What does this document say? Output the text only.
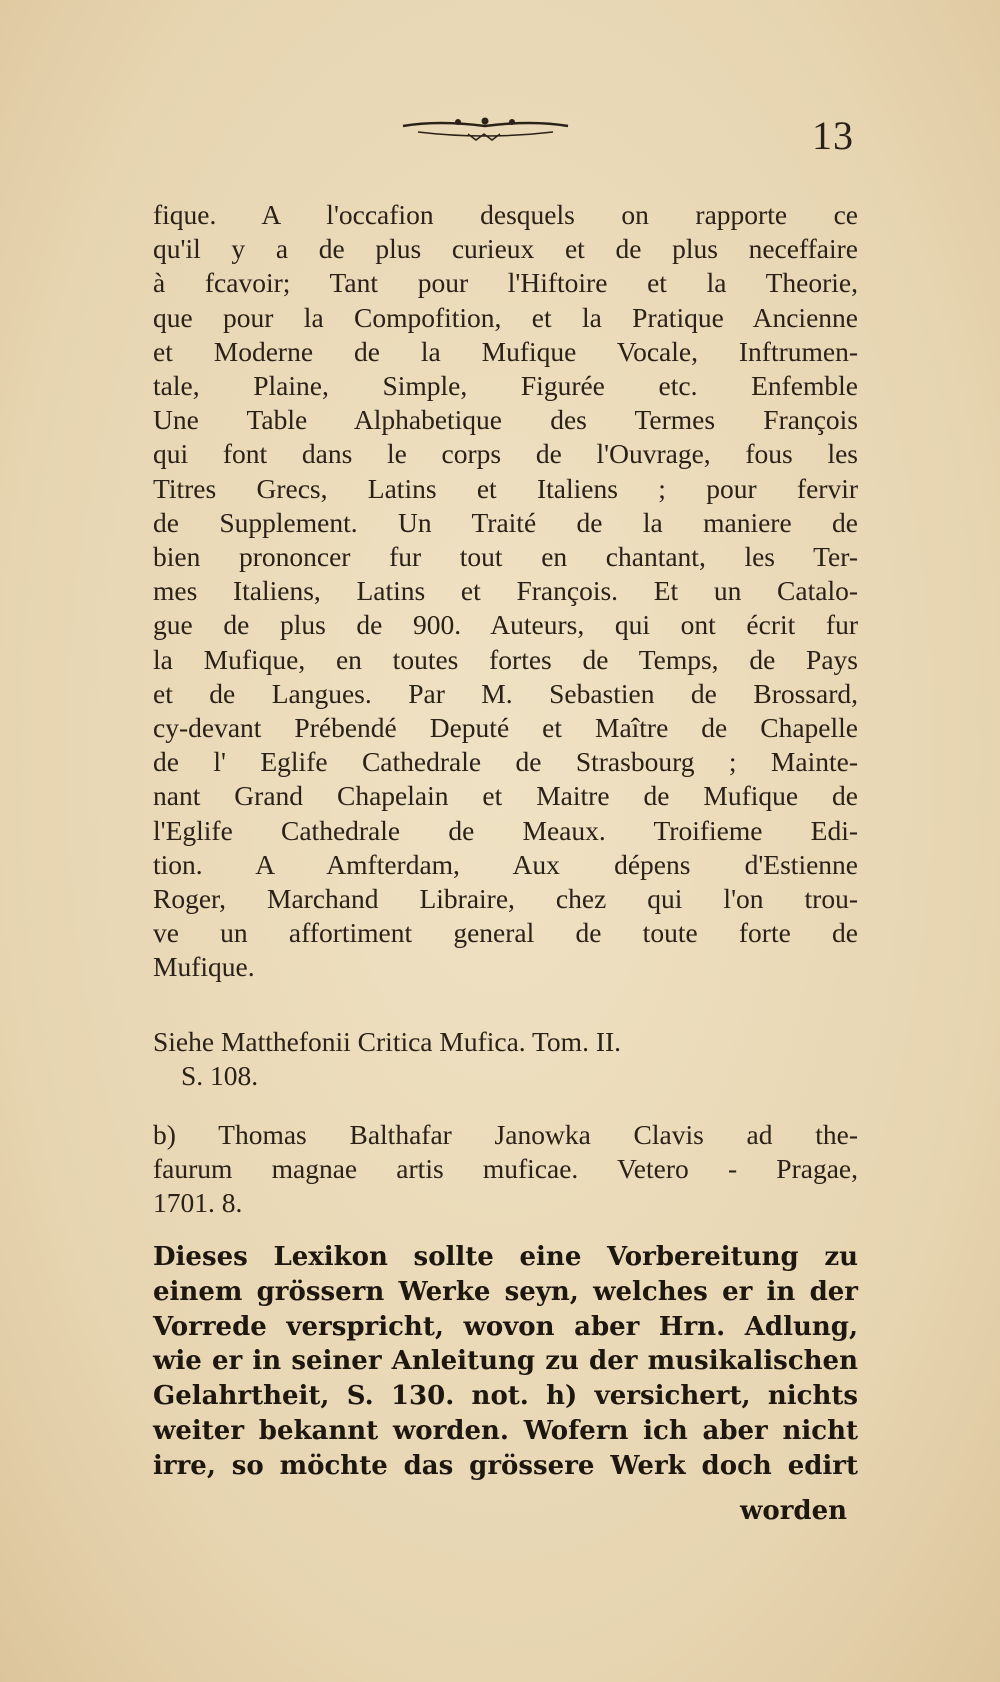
13
fique. A l'occafion desquels on rapporte ce
qu'il y a de plus curieux et de plus neceffaire
à fcavoir; Tant pour l'Hiftoire et la Theorie,
que pour la Compofition, et la Pratique Ancienne
et Moderne de la Mufique Vocale, Inftrumen-
tale, Plaine, Simple, Figurée etc. Enfemble
Une Table Alphabetique des Termes François
qui font dans le corps de l'Ouvrage, fous les
Titres Grecs, Latins et Italiens ; pour fervir
de Supplement. Un Traité de la maniere de
bien prononcer fur tout en chantant, les Ter-
mes Italiens, Latins et François. Et un Catalo-
gue de plus de 900. Auteurs, qui ont écrit fur
la Mufique, en toutes fortes de Temps, de Pays
et de Langues. Par M. Sebastien de Brossard,
cy-devant Prébendé Deputé et Maître de Chapelle
de l' Eglife Cathedrale de Strasbourg ; Mainte-
nant Grand Chapelain et Maitre de Mufique de
l'Eglife Cathedrale de Meaux. Troifieme Edi-
tion. A Amfterdam, Aux dépens d'Estienne
Roger, Marchand Libraire, chez qui l'on trou-
ve un affortiment general de toute forte de
Mufique.
Siehe Matthefonii Critica Mufica. Tom. II.
S. 108.
b) Thomas Balthafar Janowka Clavis ad the-
faurum magnae artis muficae. Vetero - Pragae,
1701. 8.
Dieses Lexikon sollte eine Vorbereitung zu
einem grössern Werke seyn, welches er in der
Vorrede verspricht, wovon aber Hrn. Adlung,
wie er in seiner Anleitung zu der musikalischen
Gelahrtheit, S. 130. not. h) versichert, nichts
weiter bekannt worden. Wofern ich aber nicht
irre, so möchte das grössere Werk doch edirt
worden
